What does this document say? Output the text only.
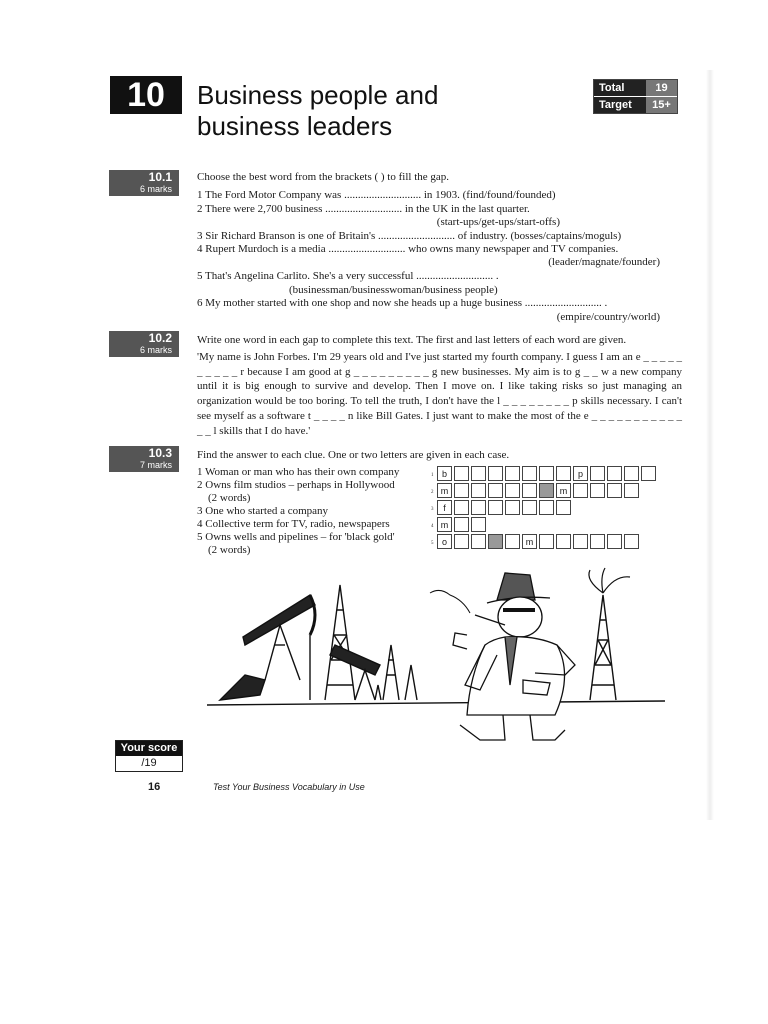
10	Business people and
business leaders
Total	19
Target	15+
10.1
6 marks
Choose the best word from the brackets ( ) to fill the gap.
1 The Ford Motor Company was ............................ in 1903. (find/found/founded)
2 There were 2,700 business ............................ in the UK in the last quarter.
(start-ups/get-ups/start-offs)
3 Sir Richard Branson is one of Britain's ............................ of industry. (bosses/captains/moguls)
4 Rupert Murdoch is a media ............................ who owns many newspaper and TV companies.
(leader/magnate/founder)
5 That's Angelina Carlito. She's a very successful ............................ .
(businessman/businesswoman/business people)
6 My mother started with one shop and now she heads up a huge business ............................ .
(empire/country/world)
10.2
6 marks
Write one word in each gap to complete this text. The first and last letters of each word are given.

'My name is John Forbes. I'm 29 years old and I've just started my fourth company. I guess I am an e _ _ _ _ _ _ _ _ _ _ r because I am good at g _ _ _ _ _ _ _ _ _ g new businesses. My aim is to g _ _ w a new company until it is big enough to survive and develop. Then I move on. I like taking risks so just managing an organization would be too boring. To tell the truth, I don't have the l _ _ _ _ _ _ _ _ p skills necessary. I can't see myself as a software t _ _ _ _ n like Bill Gates. I just want to make the most of the e _ _ _ _ _ _ _ _ _ _ _ _ _ l skills that I do have.'

10.3
7 marks
Find the answer to each clue. One or two letters are given in each case.
1 Woman or man who has their own company
2 Owns film studios – perhaps in Hollywood
(2 words)
3 One who started a company
4 Collective term for TV, radio, newspapers
5 Owns wells and pipelines – for 'black gold'
(2 words)
1 b	p
2 m	m
3	f
4 m
5 o	m
Your score
/19
16	Test Your Business Vocabulary in Use
